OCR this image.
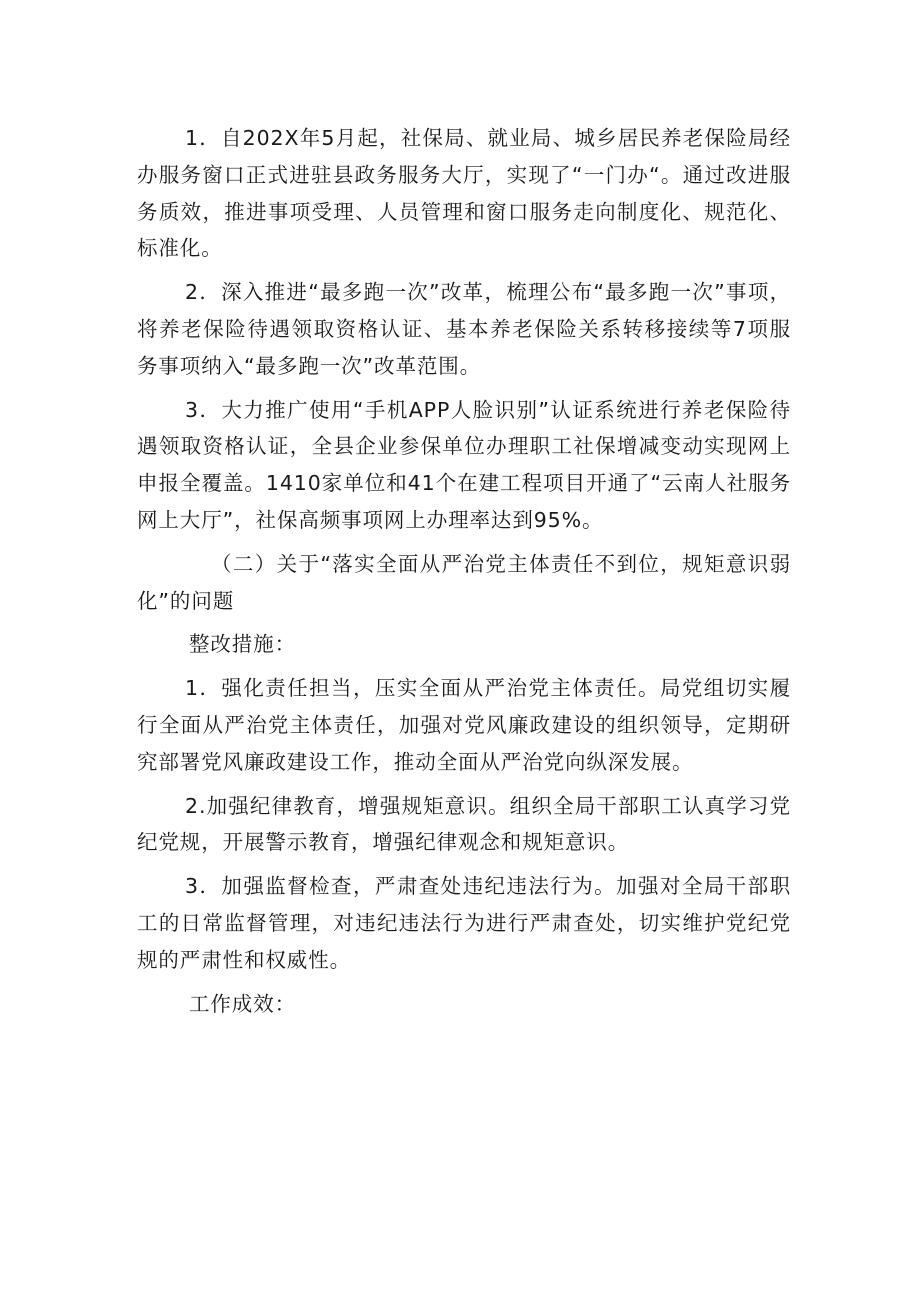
1．自202X年5月起，社保局、就业局、城乡居民养老保险局经办服务窗口正式进驻县政务服务大厅，实现了“一门办“。通过改进服务质效，推进事项受理、人员管理和窗口服务走向制度化、规范化、标准化。

2．深入推进“最多跑一次”改革，梳理公布“最多跑一次”事项，将养老保险待遇领取资格认证、基本养老保险关系转移接续等7项服务事项纳入“最多跑一次”改革范围。

3．大力推广使用“手机APP人脸识别”认证系统进行养老保险待遇领取资格认证，全县企业参保单位办理职工社保增减变动实现网上申报全覆盖。1410家单位和41个在建工程项目开通了“云南人社服务网上大厅”，社保高频事项网上办理率达到95%。

（二）关于“落实全面从严治党主体责任不到位，规矩意识弱化”的问题

整改措施：

1．强化责任担当，压实全面从严治党主体责任。局党组切实履行全面从严治党主体责任，加强对党风廉政建设的组织领导，定期研究部署党风廉政建设工作，推动全面从严治党向纵深发展。

2.加强纪律教育，增强规矩意识。组织全局干部职工认真学习党纪党规，开展警示教育，增强纪律观念和规矩意识。

3．加强监督检查，严肃查处违纪违法行为。加强对全局干部职工的日常监督管理，对违纪违法行为进行严肃查处，切实维护党纪党规的严肃性和权威性。

工作成效：
